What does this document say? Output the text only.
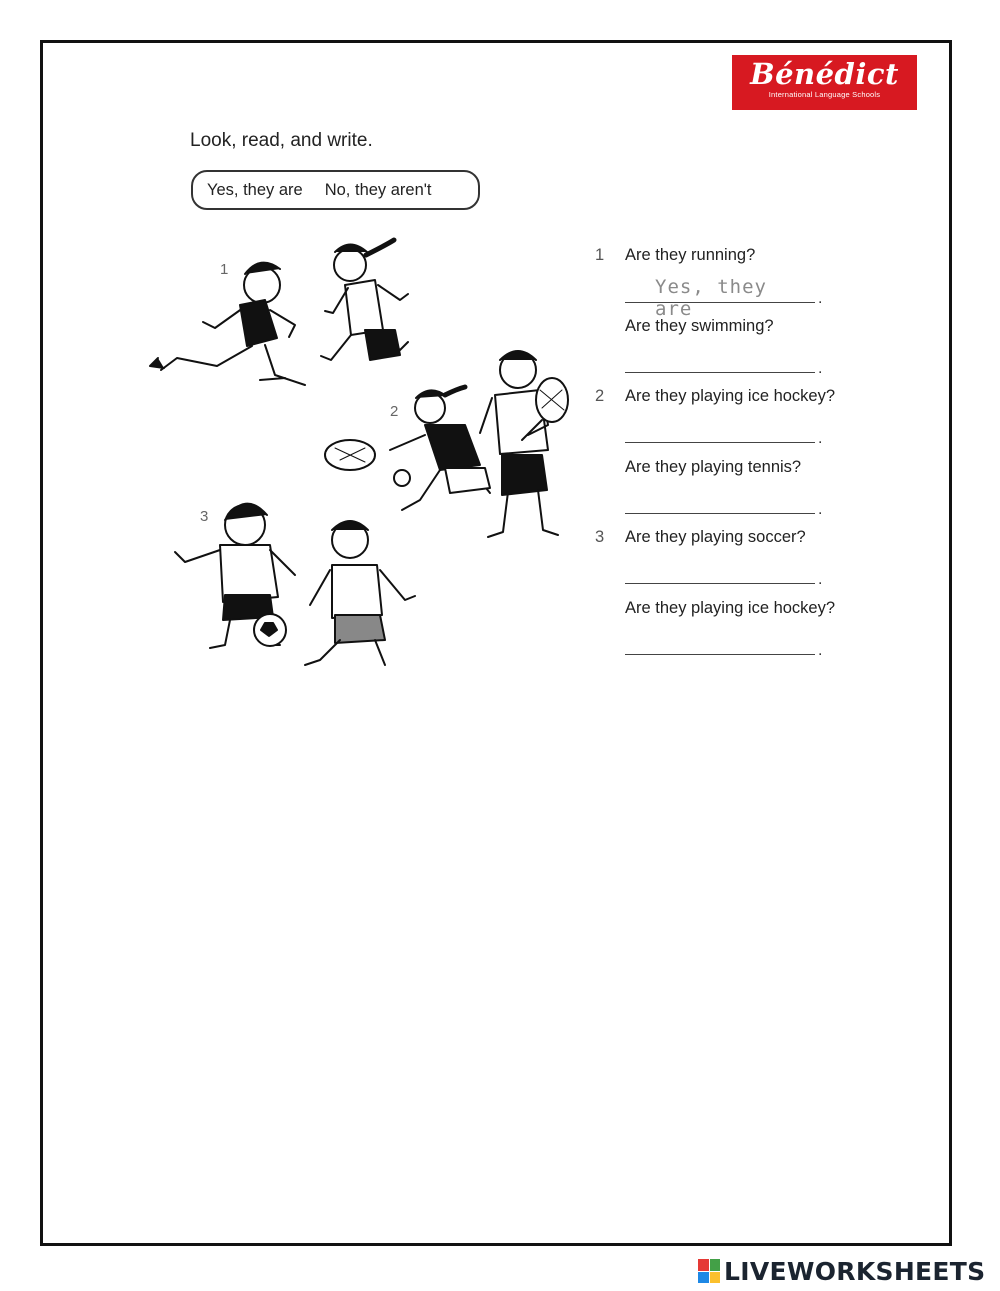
Bénédict
International Language Schools
Look, read, and write.
Yes, they are No, they aren't
1
2
3
1 Are they running?
Yes, they are	.
Are they swimming?
.
2 Are they playing ice hockey?
.
Are they playing tennis?
.
3 Are they playing soccer?
.
Are they playing ice hockey?
.
LIVEWORKSHEETS
